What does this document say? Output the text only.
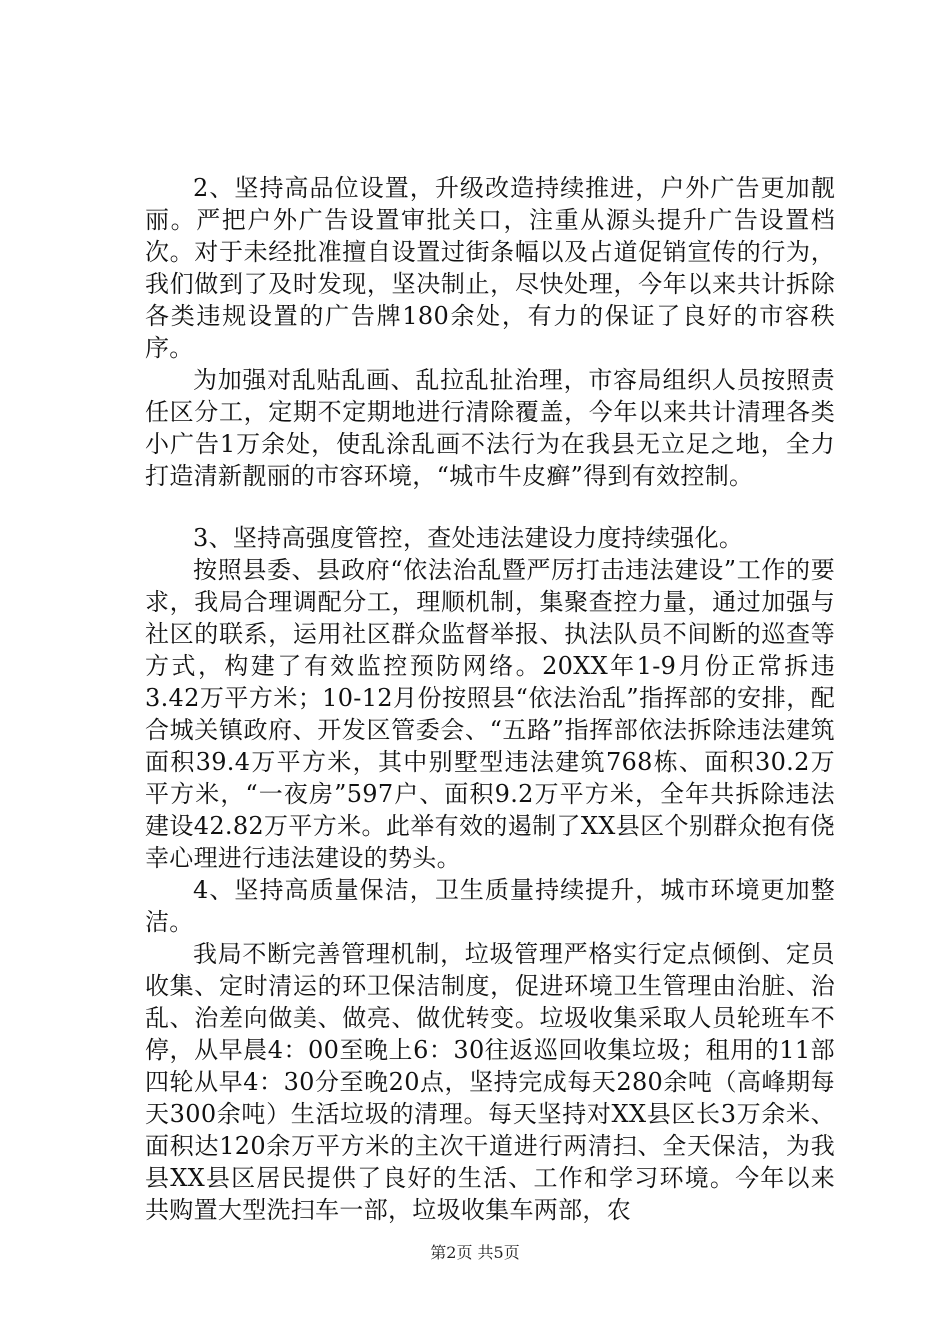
2、坚持高品位设置，升级改造持续推进，户外广告更加靓丽。严把户外广告设置审批关口，注重从源头提升广告设置档次。对于未经批准擅自设置过街条幅以及占道促销宣传的行为，我们做到了及时发现，坚决制止，尽快处理，今年以来共计拆除各类违规设置的广告牌180余处，有力的保证了良好的市容秩序。

为加强对乱贴乱画、乱拉乱扯治理，市容局组织人员按照责任区分工，定期不定期地进行清除覆盖，今年以来共计清理各类小广告1万余处，使乱涂乱画不法行为在我县无立足之地，全力打造清新靓丽的市容环境，“城市牛皮癣”得到有效控制。

3、坚持高强度管控，查处违法建设力度持续强化。

按照县委、县政府“依法治乱暨严厉打击违法建设”工作的要求，我局合理调配分工，理顺机制，集聚查控力量，通过加强与社区的联系，运用社区群众监督举报、执法队员不间断的巡查等方式，构建了有效监控预防网络。20XX年1-9月份正常拆违3.42万平方米；10-12月份按照县“依法治乱”指挥部的安排，配合城关镇政府、开发区管委会、“五路”指挥部依法拆除违法建筑面积39.4万平方米，其中别墅型违法建筑768栋、面积30.2万平方米，“一夜房”597户、面积9.2万平方米，全年共拆除违法建设42.82万平方米。此举有效的遏制了XX县区个别群众抱有侥幸心理进行违法建设的势头。

4、坚持高质量保洁，卫生质量持续提升，城市环境更加整洁。

我局不断完善管理机制，垃圾管理严格实行定点倾倒、定员收集、定时清运的环卫保洁制度，促进环境卫生管理由治脏、治乱、治差向做美、做亮、做优转变。垃圾收集采取人员轮班车不停，从早晨4：00至晚上6：30往返巡回收集垃圾；租用的11部四轮从早4：30分至晚20点，坚持完成每天280余吨（高峰期每天300余吨）生活垃圾的清理。每天坚持对XX县区长3万余米、面积达120余万平方米的主次干道进行两清扫、全天保洁，为我县XX县区居民提供了良好的生活、工作和学习环境。今年以来共购置大型洗扫车一部，垃圾收集车两部，农

第2页 共5页
